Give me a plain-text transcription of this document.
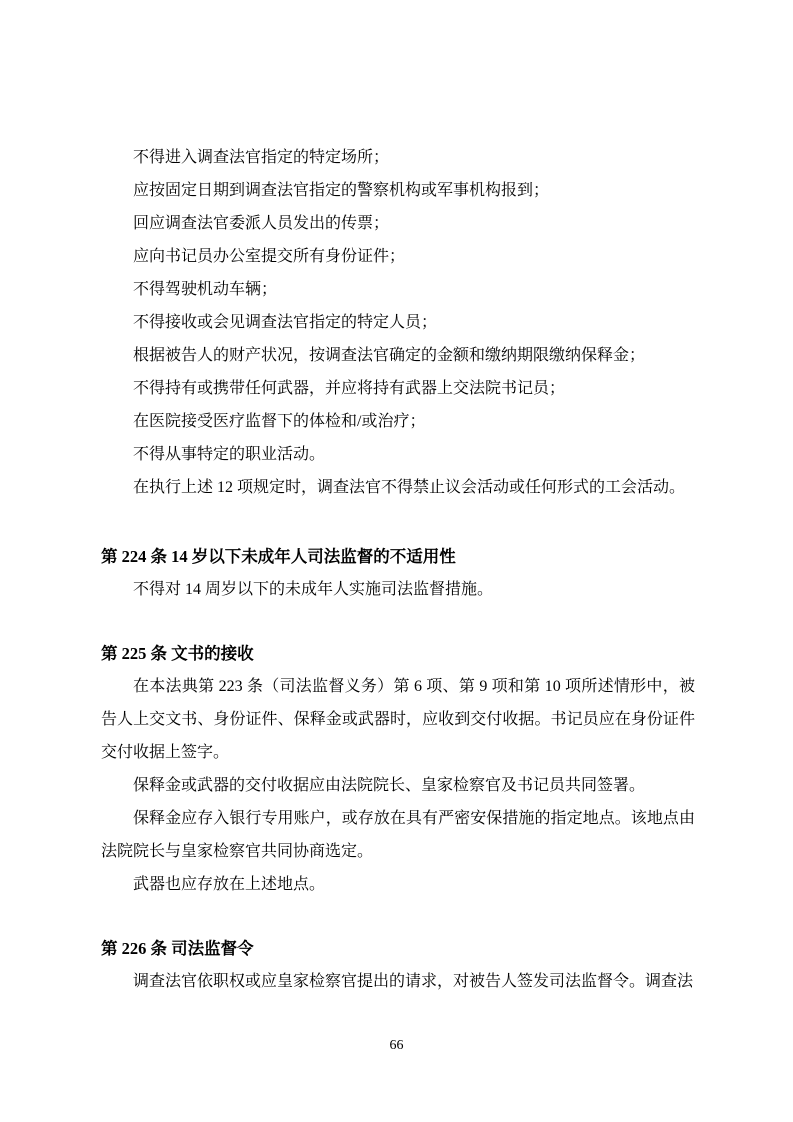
不得进入调查法官指定的特定场所；

应按固定日期到调查法官指定的警察机构或军事机构报到；

回应调查法官委派人员发出的传票；

应向书记员办公室提交所有身份证件；

不得驾驶机动车辆；

不得接收或会见调查法官指定的特定人员；

根据被告人的财产状况，按调查法官确定的金额和缴纳期限缴纳保释金；

不得持有或携带任何武器，并应将持有武器上交法院书记员；

在医院接受医疗监督下的体检和/或治疗；

不得从事特定的职业活动。

在执行上述 12 项规定时，调查法官不得禁止议会活动或任何形式的工会活动。

第 224 条 14 岁以下未成年人司法监督的不适用性

不得对 14 周岁以下的未成年人实施司法监督措施。

第 225 条 文书的接收

在本法典第 223 条（司法监督义务）第 6 项、第 9 项和第 10 项所述情形中，被告人上交文书、身份证件、保释金或武器时，应收到交付收据。书记员应在身份证件交付收据上签字。

保释金或武器的交付收据应由法院院长、皇家检察官及书记员共同签署。

保释金应存入银行专用账户，或存放在具有严密安保措施的指定地点。该地点由法院院长与皇家检察官共同协商选定。

武器也应存放在上述地点。

第 226 条 司法监督令

调查法官依职权或应皇家检察官提出的请求，对被告人签发司法监督令。调查法

66
